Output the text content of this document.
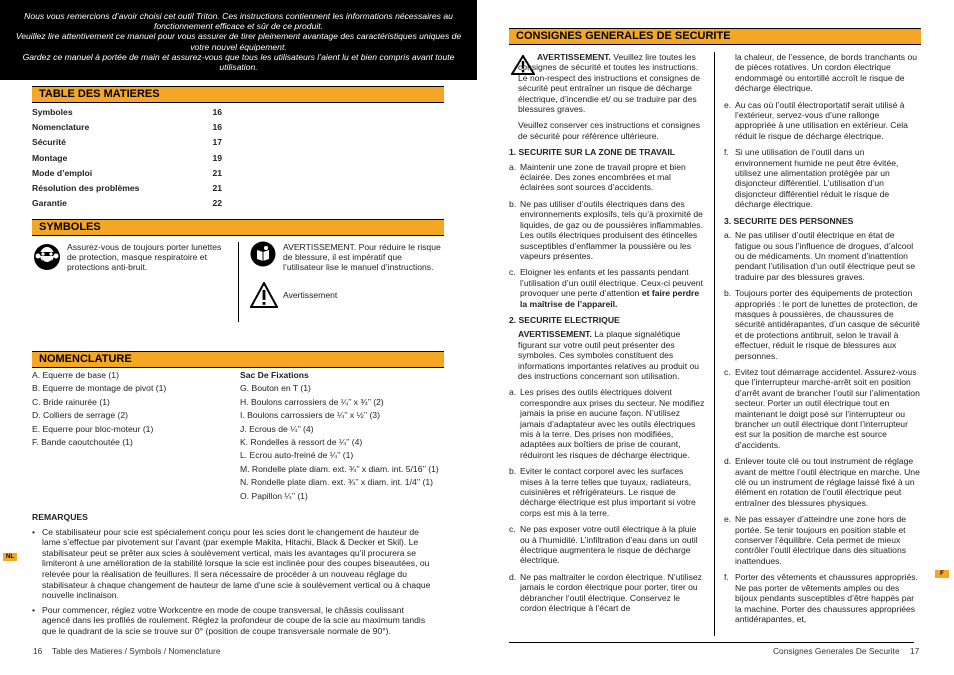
Nous vous remercions d’avoir choisi cet outil Triton. Ces instructions contiennent les informations nécessaires au fonctionnement efficace et sûr de ce produit.

Veuillez lire attentivement ce manuel pour vous assurer de tirer pleinement avantage des caractéristiques uniques de votre nouvel équipement.

Gardez ce manuel à portée de main et assurez-vous que tous les utilisateurs l’aient lu et bien compris avant toute utilisation.

TABLE DES MATIERES
Symboles	16
Nomenclature	16
Sécurité	17
Montage	19
Mode d’emploi	21
Résolution des problèmes	21
Garantie	22
SYMBOLES
Assurez-vous de toujours porter lunettes de protection, masque respiratoire et protections anti-bruit.
AVERTISSEMENT. Pour réduire le risque de blessure, il est impératif que l’utilisateur lise le manuel d’instructions.
Avertissement
NOMENCLATURE
A. Equerre de base (1)
B. Equerre de montage de pivot (1)
C. Bride rainurée (1)
D. Colliers de serrage (2)
E. Equerre pour bloc-moteur (1)
F. Bande caoutchoutée (1)
Sac De Fixations
G. Bouton en T (1)
H. Boulons carrossiers de ¼’’ x ¾’’ (2)
I. Boulons carrossiers de ¼’’ x ½’’ (3)
J. Ecrous de ¼’’ (4)
K. Rondelles à ressort de ¼’’ (4)
L. Ecrou auto-freiné de ¼’’ (1)
M. Rondelle plate diam. ext. ¾’’ x diam. int. 5/16’’ (1)
N. Rondelle plate diam. ext. ¾’’ x diam. int. 1/4’’ (1)
O. Papillon ¼’’ (1)
REMARQUES
• Ce stabilisateur pour scie est spécialement conçu pour les scies dont le changement de hauteur de lame s’effectue par pivotement sur l’avant (par exemple Makita, Hitachi, Black & Decker et Skil). Le stabilisateur peut se prêter aux scies à soulèvement vertical, mais les avantages qu’il procurera se limiteront à une amélioration de la stabilité lorsque la scie est inclinée pour des coupes biseautées, ou relevée pour la réalisation de feuillures. Il sera nécessaire de procéder à un nouveau réglage du stabilisateur à chaque changement de hauteur de lame d’une scie à soulèvement vertical ou à chaque nouvelle inclinaison.
• Pour commencer, réglez votre Workcentre en mode de coupe transversal, le châssis coulissant agencé dans les profilés de roulement. Réglez la profondeur de coupe de la scie au maximum tandis que le quadrant de la scie se trouve sur 0° (position de coupe transversale normale de 90°).
16 Table des Matieres / Symbols / Nomenclature
NL
CONSIGNES GENERALES DE SECURITE

AVERTISSEMENT. Veuillez lire toutes les consignes de sécurité et toutes les instructions. Le non-respect des instructions et consignes de sécurité peut entraîner un risque de décharge électrique, d’incendie et/ ou se traduire par des blessures graves.

Veuillez conserver ces instructions et consignes de sécurité pour référence ultérieure.

1. SECURITE SUR LA ZONE DE TRAVAIL
a. Maintenir une zone de travail propre et bien éclairée. Des zones encombrées et mal éclairées sont sources d’accidents.
b. Ne pas utiliser d’outils électriques dans des environnements explosifs, tels qu’à proximité de liquides, de gaz ou de poussières inflammables. Les outils électriques produisent des étincelles susceptibles d’enflammer la poussière ou les vapeurs présentes.
c. Eloigner les enfants et les passants pendant l’utilisation d’un outil électrique. Ceux-ci peuvent provoquer une perte d’attention et faire perdre la maîtrise de l’appareil.
2. SECURITE ELECTRIQUE

AVERTISSEMENT. La plaque signalétique figurant sur votre outil peut présenter des symboles. Ces symboles constituent des informations importantes relatives au produit ou des instructions concernant son utilisation.

a. Les prises des outils électriques doivent correspondre aux prises du secteur. Ne modifiez jamais la prise en aucune façon. N’utilisez jamais d’adaptateur avec les outils électriques mis à la terre. Des prises non modifiées, adaptées aux boîtiers de prise de courant, réduiront les risques de décharge électrique.
b. Eviter le contact corporel avec les surfaces mises à la terre telles que tuyaux, radiateurs, cuisinières et réfrigérateurs. Le risque de décharge électrique est plus important si votre corps est mis à la terre.
c. Ne pas exposer votre outil électrique à la pluie ou à l’humidité. L’infiltration d’eau dans un outil électrique augmentera le risque de décharge électrique.
d. Ne pas maltraiter le cordon électrique. N’utilisez jamais le cordon électrique pour porter, tirer ou débrancher l’outil électrique. Conservez le cordon électrique à l’écart de

la chaleur, de l’essence, de bords tranchants ou de pièces rotatives. Un cordon électrique endommagé ou entortillé accroît le risque de décharge électrique.

e. Au cas où l’outil électroportatif serait utilisé à l’extérieur, servez-vous d’une rallonge appropriée à une utilisation en extérieur. Cela réduit le risque de décharge électrique.
f. Si une utilisation de l’outil dans un environnement humide ne peut être évitée, utilisez une alimentation protégée par un disjoncteur différentiel. L’utilisation d’un disjoncteur différentiel réduit le risque de décharge électrique.
3. SECURITE DES PERSONNES
a. Ne pas utiliser d’outil électrique en état de fatigue ou sous l’influence de drogues, d’alcool ou de médicaments. Un moment d’inattention pendant l’utilisation d’un outil électrique peut se traduire par des blessures graves.
b. Toujours porter des équipements de protection appropriés : le port de lunettes de protection, de masques à poussières, de chaussures de sécurité antidérapantes, d’un casque de sécurité et de protections antibruit, selon le travail à effectuer, réduit le risque de blessures aux personnes.
c. Evitez tout démarrage accidentel. Assurez-vous que l’interrupteur marche-arrêt soit en position d’arrêt avant de brancher l’outil sur l’alimentation secteur. Porter un outil électrique tout en maintenant le doigt posé sur l’interrupteur ou brancher un outil électrique dont l’interrupteur est sur la position de marche est source d’accidents.
d. Enlever toute clé ou tout instrument de réglage avant de mettre l’outil électrique en marche. Une clé ou un instrument de réglage laissé fixé à un élément en rotation de l’outil électrique peut entraîner des blessures physiques.
e. Ne pas essayer d’atteindre une zone hors de portée. Se tenir toujours en position stable et conserver l’équilibre. Cela permet de mieux contrôler l’outil électrique dans des situations inattendues.
f. Porter des vêtements et chaussures appropriés. Ne pas porter de vêtements amples ou des bijoux pendants susceptibles d’être happés par la machine. Porter des chaussures appropriées antidérapantes, et,
Consignes Generales De Securite 17
F
